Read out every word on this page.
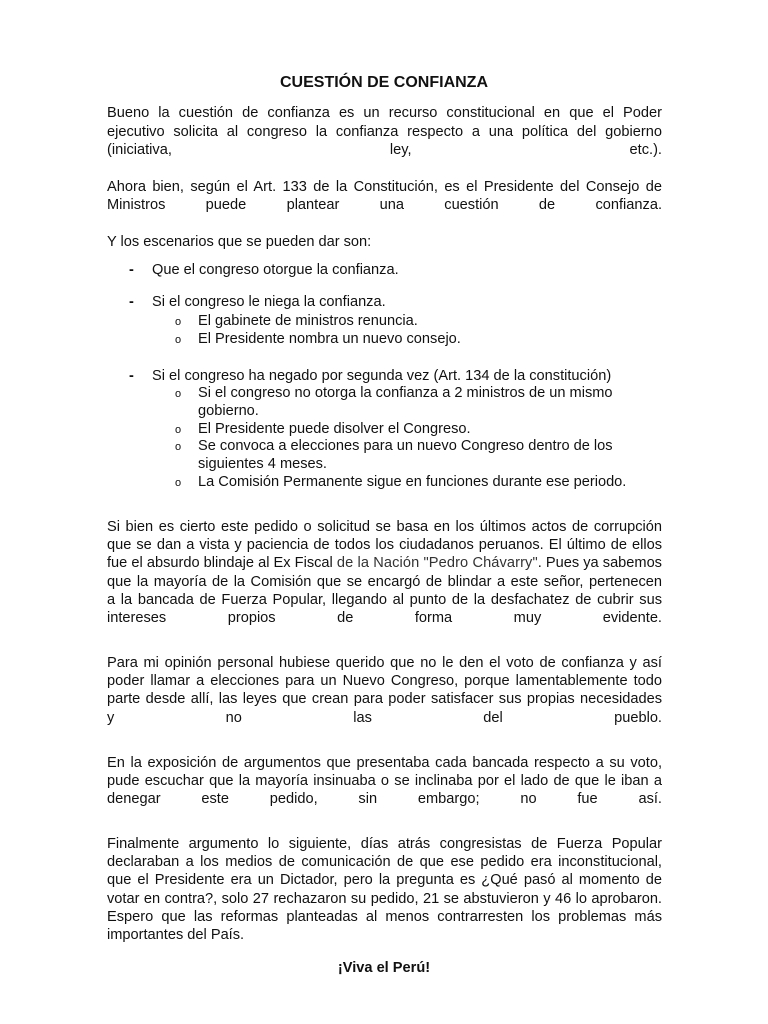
CUESTIÓN DE CONFIANZA
Bueno la cuestión de confianza es un recurso constitucional en que el Poder
ejecutivo solicita al congreso la confianza respecto a una política del gobierno
(iniciativa, ley, etc.).
Ahora bien, según el Art. 133 de la Constitución, es el Presidente del Consejo de
Ministros puede plantear una cuestión de confianza.
Y los escenarios que se pueden dar son:
- Que el congreso otorgue la confianza.
- Si el congreso le niega la confianza.
o El gabinete de ministros renuncia.
o El Presidente nombra un nuevo consejo.
- Si el congreso ha negado por segunda vez (Art. 134 de la constitución)
o Si el congreso no otorga la confianza a 2 ministros de un mismo
gobierno.
o El Presidente puede disolver el Congreso.
o Se convoca a elecciones para un nuevo Congreso dentro de los
siguientes 4 meses.
o La Comisión Permanente sigue en funciones durante ese periodo.
Si bien es cierto este pedido o solicitud se basa en los últimos actos de corrupción
que se dan a vista y paciencia de todos los ciudadanos peruanos. El último de ellos
fue el absurdo blindaje al Ex Fiscal de la Nación "Pedro Chávarry". Pues ya sabemos
que la mayoría de la Comisión que se encargó de blindar a este señor, pertenecen
a la bancada de Fuerza Popular, llegando al punto de la desfachatez de cubrir sus
intereses propios de forma muy evidente.
Para mi opinión personal hubiese querido que no le den el voto de confianza y así
poder llamar a elecciones para un Nuevo Congreso, porque lamentablemente todo
parte desde allí, las leyes que crean para poder satisfacer sus propias necesidades
y no las del pueblo.
En la exposición de argumentos que presentaba cada bancada respecto a su voto,
pude escuchar que la mayoría insinuaba o se inclinaba por el lado de que le iban a
denegar este pedido, sin embargo; no fue así.
Finalmente argumento lo siguiente, días atrás congresistas de Fuerza Popular
declaraban a los medios de comunicación de que ese pedido era inconstitucional,
que el Presidente era un Dictador, pero la pregunta es ¿Qué pasó al momento de
votar en contra?, solo 27 rechazaron su pedido, 21 se abstuvieron y 46 lo aprobaron.
Espero que las reformas planteadas al menos contrarresten los problemas más
importantes del País.
¡Viva el Perú!
